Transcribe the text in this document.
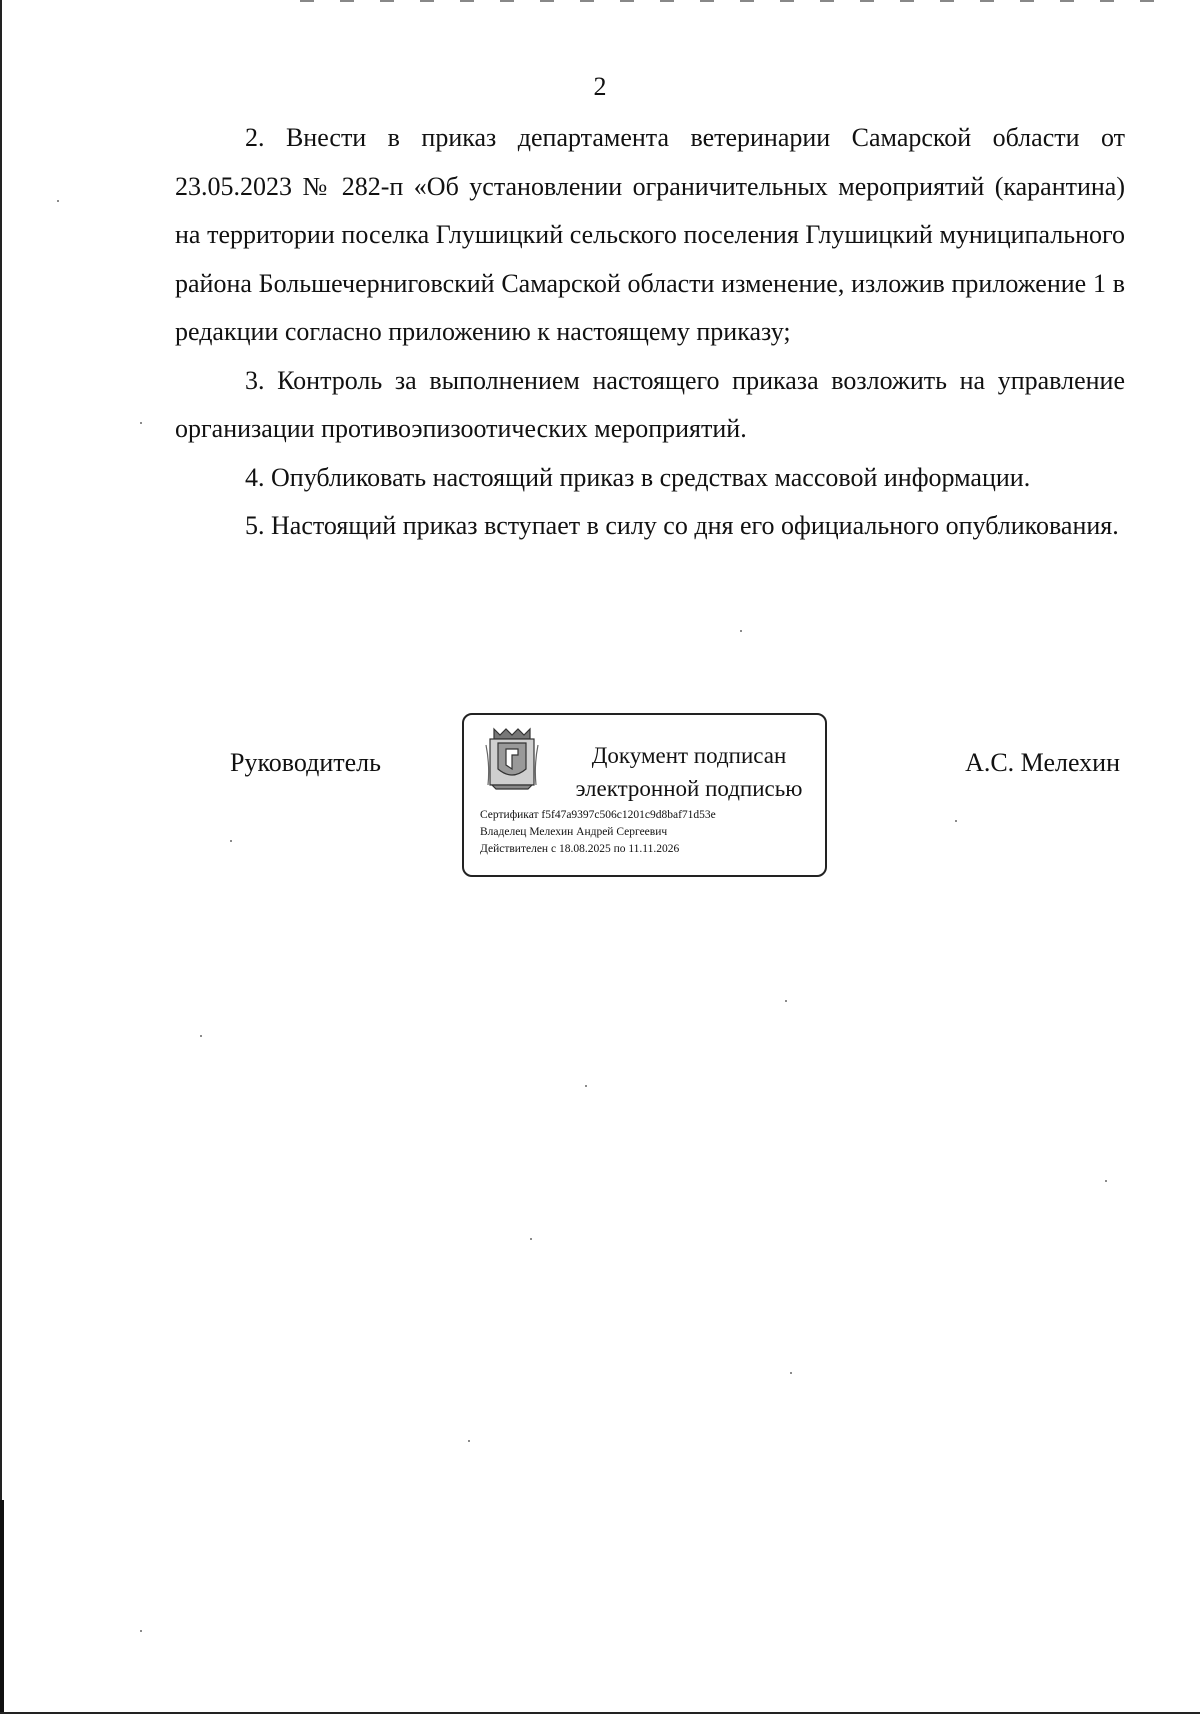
2

2. Внести в приказ департамента ветеринарии Самарской области от 23.05.2023 № 282-п «Об установлении ограничительных мероприятий (карантина) на территории поселка Глушицкий сельского поселения Глушицкий муниципального района Большечерниговский Самарской области изменение, изложив приложение 1 в редакции согласно приложению к настоящему приказу;

3. Контроль за выполнением настоящего приказа возложить на управление организации противоэпизоотических мероприятий.

4. Опубликовать настоящий приказ в средствах массовой информации.

5. Настоящий приказ вступает в силу со дня его официального опубликования.

Руководитель	Документ подписан
электронной подписью
Сертификат f5f47a9397c506c1201c9d8baf71d53e
Владелец Мелехин Андрей Сергеевич
Действителен с 18.08.2025 по 11.11.2026
А.С. Мелехин
